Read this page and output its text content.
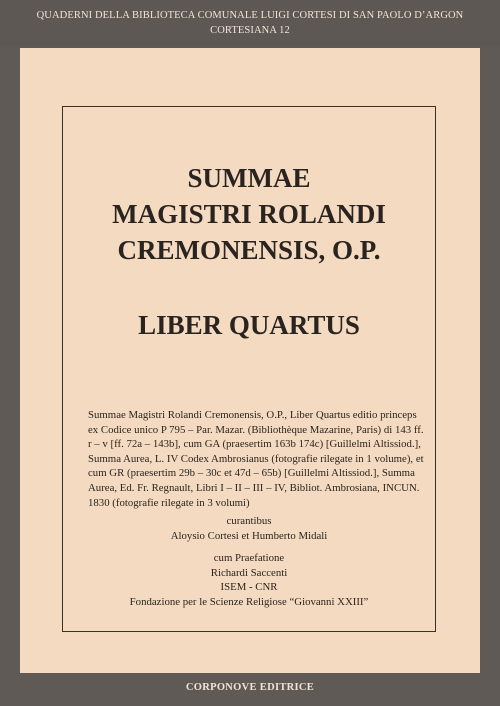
QUADERNI DELLA BIBLIOTECA COMUNALE LUIGI CORTESI DI SAN PAOLO D’ARGON
CORTESIANA 12
SUMMAE
MAGISTRI ROLANDI
CREMONENSIS, O.P.
LIBER QUARTUS
Summae Magistri Rolandi Cremonensis, O.P., Liber Quartus editio princeps
ex Codice unico P 795 – Par. Mazar. (Bibliothèque Mazarine, Paris) di 143 ff.
r – v [ff. 72a – 143b], cum GA (praesertim 163b 174c) [Guillelmi Altissiod.],
Summa Aurea, L. IV Codex Ambrosianus (fotografie rilegate in 1 volume), et
cum GR (praesertim 29b – 30c et 47d – 65b) [Guillelmi Altissiod.], Summa
Aurea, Ed. Fr. Regnault, Libri I – II – III – IV, Bibliot. Ambrosiana, INCUN.
1830 (fotografie rilegate in 3 volumi)
curantibus
Aloysio Cortesi et Humberto Midali
cum Praefatione
Richardi Saccenti
ISEM - CNR
Fondazione per le Scienze Religiose “Giovanni XXIII”
CORPONOVE EDITRICE
